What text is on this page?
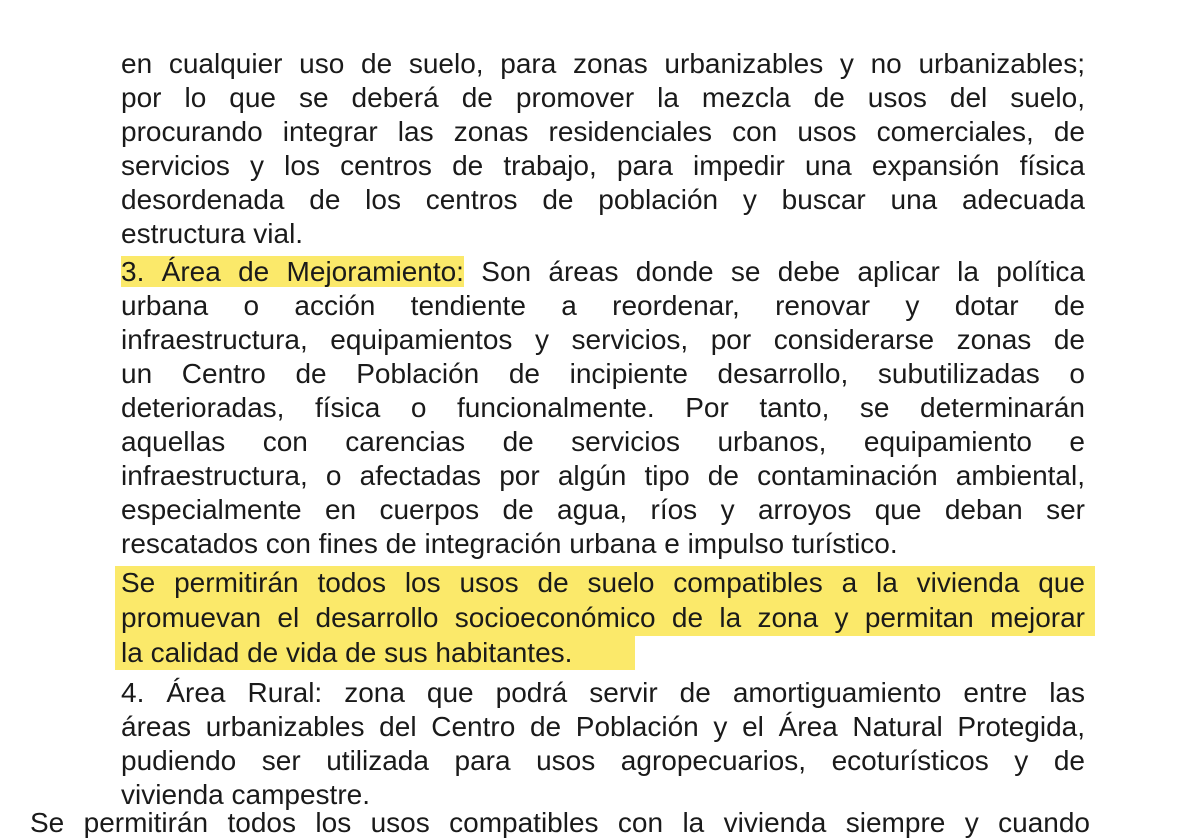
en cualquier uso de suelo, para zonas urbanizables y no urbanizables;
por lo que se deberá de promover la mezcla de usos del suelo,
procurando integrar las zonas residenciales con usos comerciales, de
servicios y los centros de trabajo, para impedir una expansión física
desordenada de los centros de población y buscar una adecuada
estructura vial.
3. Área de Mejoramiento: Son áreas donde se debe aplicar la política
urbana o acción tendiente a reordenar, renovar y dotar de
infraestructura, equipamientos y servicios, por considerarse zonas de
un Centro de Población de incipiente desarrollo, subutilizadas o
deterioradas, física o funcionalmente. Por tanto, se determinarán
aquellas con carencias de servicios urbanos, equipamiento e
infraestructura, o afectadas por algún tipo de contaminación ambiental,
especialmente en cuerpos de agua, ríos y arroyos que deban ser
rescatados con fines de integración urbana e impulso turístico.
Se permitirán todos los usos de suelo compatibles a la vivienda que
promuevan el desarrollo socioeconómico de la zona y permitan mejorar
la calidad de vida de sus habitantes.
4. Área Rural: zona que podrá servir de amortiguamiento entre las
áreas urbanizables del Centro de Población y el Área Natural Protegida,
pudiendo ser utilizada para usos agropecuarios, ecoturísticos y de
vivienda campestre.
Se permitirán todos los usos compatibles con la vivienda siempre y cuando
